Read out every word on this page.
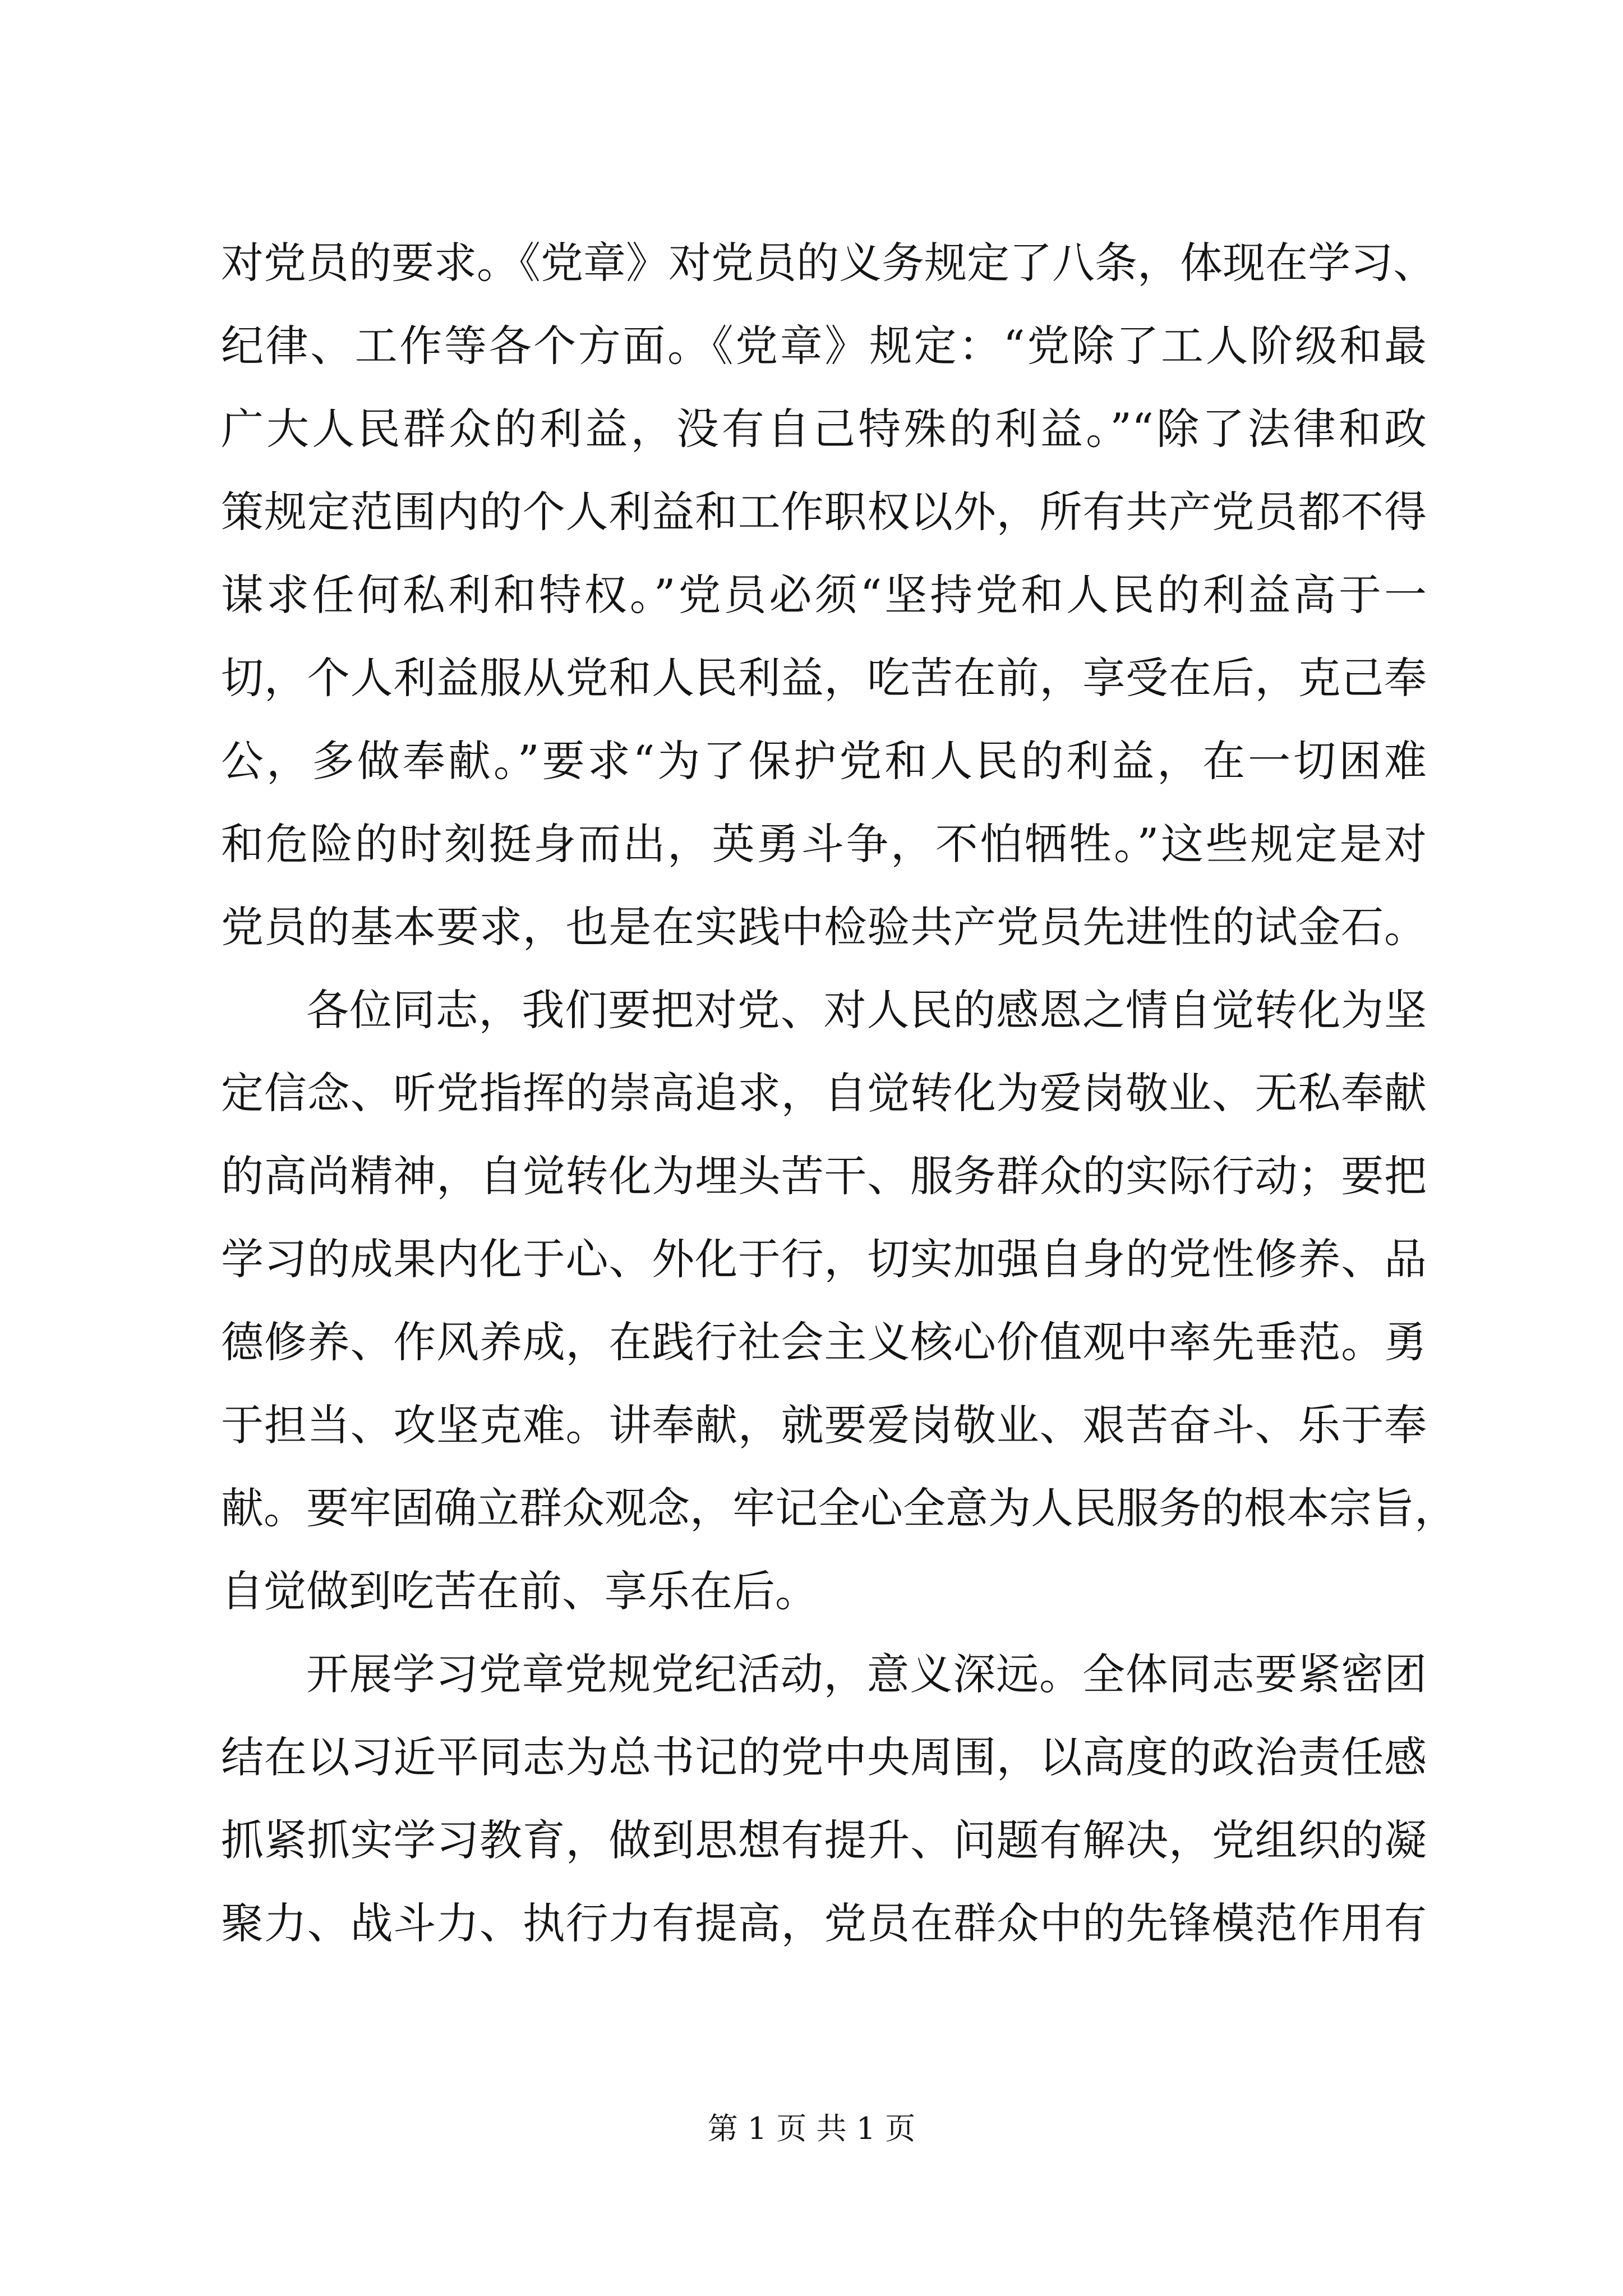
对党员的要求。《党章》对党员的义务规定了八条，体现在学习、
纪律、工作等各个方面。《党章》规定：“党除了工人阶级和最
广大人民群众的利益，没有自己特殊的利益。”“除了法律和政
策规定范围内的个人利益和工作职权以外，所有共产党员都不得
谋求任何私利和特权。”党员必须“坚持党和人民的利益高于一
切，个人利益服从党和人民利益，吃苦在前，享受在后，克己奉
公，多做奉献。”要求“为了保护党和人民的利益，在一切困难
和危险的时刻挺身而出，英勇斗争，不怕牺牲。”这些规定是对
党员的基本要求，也是在实践中检验共产党员先进性的试金石。
各位同志，我们要把对党、对人民的感恩之情自觉转化为坚
定信念、听党指挥的崇高追求，自觉转化为爱岗敬业、无私奉献
的高尚精神，自觉转化为埋头苦干、服务群众的实际行动；要把
学习的成果内化于心、外化于行，切实加强自身的党性修养、品
德修养、作风养成，在践行社会主义核心价值观中率先垂范。勇
于担当、攻坚克难。讲奉献，就要爱岗敬业、艰苦奋斗、乐于奉
献。要牢固确立群众观念，牢记全心全意为人民服务的根本宗旨，
自觉做到吃苦在前、享乐在后。
开展学习党章党规党纪活动，意义深远。全体同志要紧密团
结在以习近平同志为总书记的党中央周围，以高度的政治责任感
抓紧抓实学习教育，做到思想有提升、问题有解决，党组织的凝
聚力、战斗力、执行力有提高，党员在群众中的先锋模范作用有
第 1 页 共 1 页
